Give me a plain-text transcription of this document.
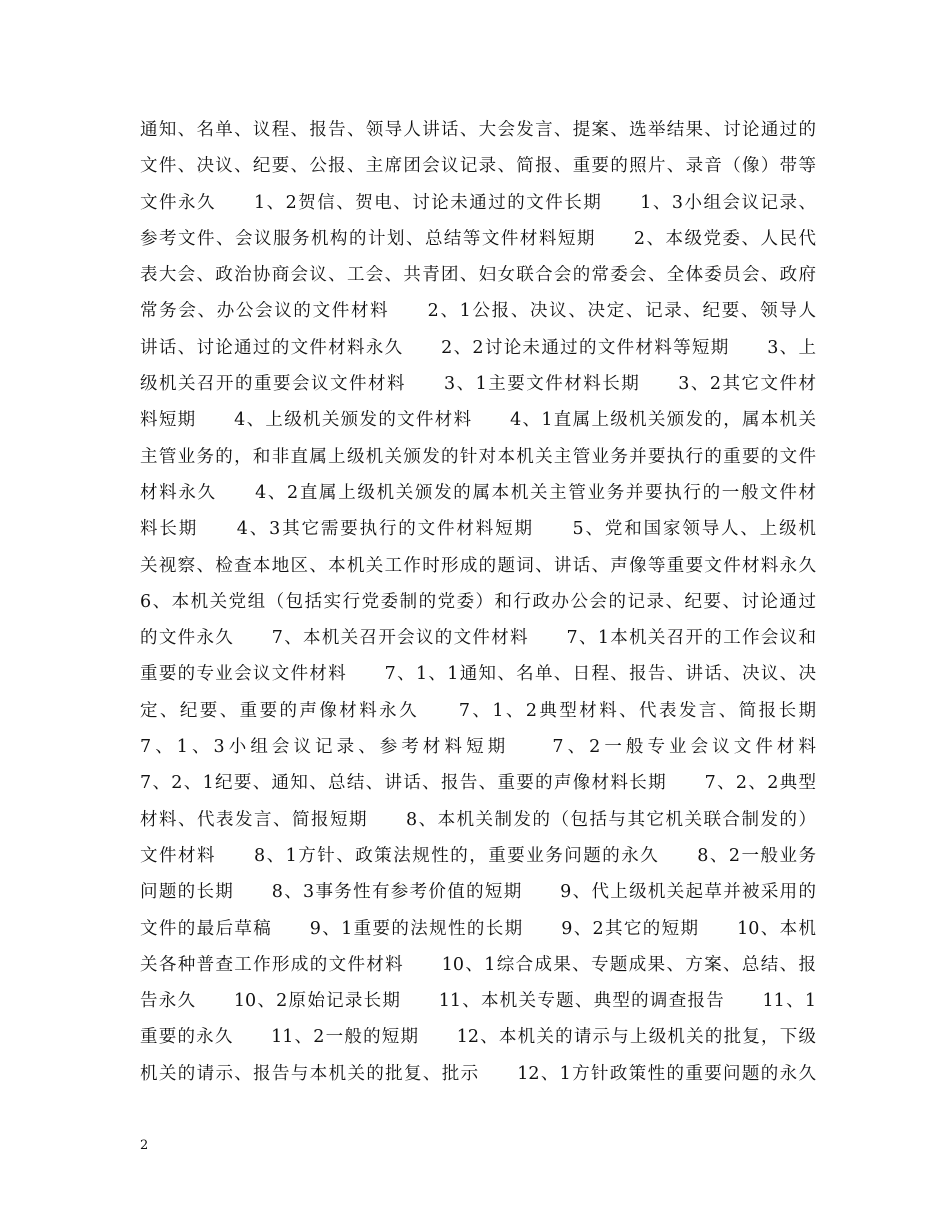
通知、名单、议程、报告、领导人讲话、大会发言、提案、选举结果、讨论通过的
文件、决议、纪要、公报、主席团会议记录、简报、重要的照片、录音（像）带等
文件永久　　1、2贺信、贺电、讨论未通过的文件长期　　1、3小组会议记录、
参考文件、会议服务机构的计划、总结等文件材料短期　　2、本级党委、人民代
表大会、政治协商会议、工会、共青团、妇女联合会的常委会、全体委员会、政府
常务会、办公会议的文件材料　　2、1公报、决议、决定、记录、纪要、领导人
讲话、讨论通过的文件材料永久　　2、2讨论未通过的文件材料等短期　　3、上
级机关召开的重要会议文件材料　　3、1主要文件材料长期　　3、2其它文件材
料短期　　4、上级机关颁发的文件材料　　4、1直属上级机关颁发的，属本机关
主管业务的，和非直属上级机关颁发的针对本机关主管业务并要执行的重要的文件
材料永久　　4、2直属上级机关颁发的属本机关主管业务并要执行的一般文件材
料长期　　4、3其它需要执行的文件材料短期　　5、党和国家领导人、上级机
关视察、检查本地区、本机关工作时形成的题词、讲话、声像等重要文件材料永久
6、本机关党组（包括实行党委制的党委）和行政办公会的记录、纪要、讨论通过
的文件永久　　7、本机关召开会议的文件材料　　7、1本机关召开的工作会议和
重要的专业会议文件材料　　7、1、1通知、名单、日程、报告、讲话、决议、决
定、纪要、重要的声像材料永久　　7、1、2典型材料、代表发言、简报长期
7、1、3小组会议记录、参考材料短期　　7、2一般专业会议文件材料
7、2、1纪要、通知、总结、讲话、报告、重要的声像材料长期　　7、2、2典型
材料、代表发言、简报短期　　8、本机关制发的（包括与其它机关联合制发的）
文件材料　　8、1方针、政策法规性的，重要业务问题的永久　　8、2一般业务
问题的长期　　8、3事务性有参考价值的短期　　9、代上级机关起草并被采用的
文件的最后草稿　　9、1重要的法规性的长期　　9、2其它的短期　　10、本机
关各种普查工作形成的文件材料　　10、1综合成果、专题成果、方案、总结、报
告永久　　10、2原始记录长期　　11、本机关专题、典型的调查报告　　11、1
重要的永久　　11、2一般的短期　　12、本机关的请示与上级机关的批复，下级
机关的请示、报告与本机关的批复、批示　　12、1方针政策性的重要问题的永久
2
